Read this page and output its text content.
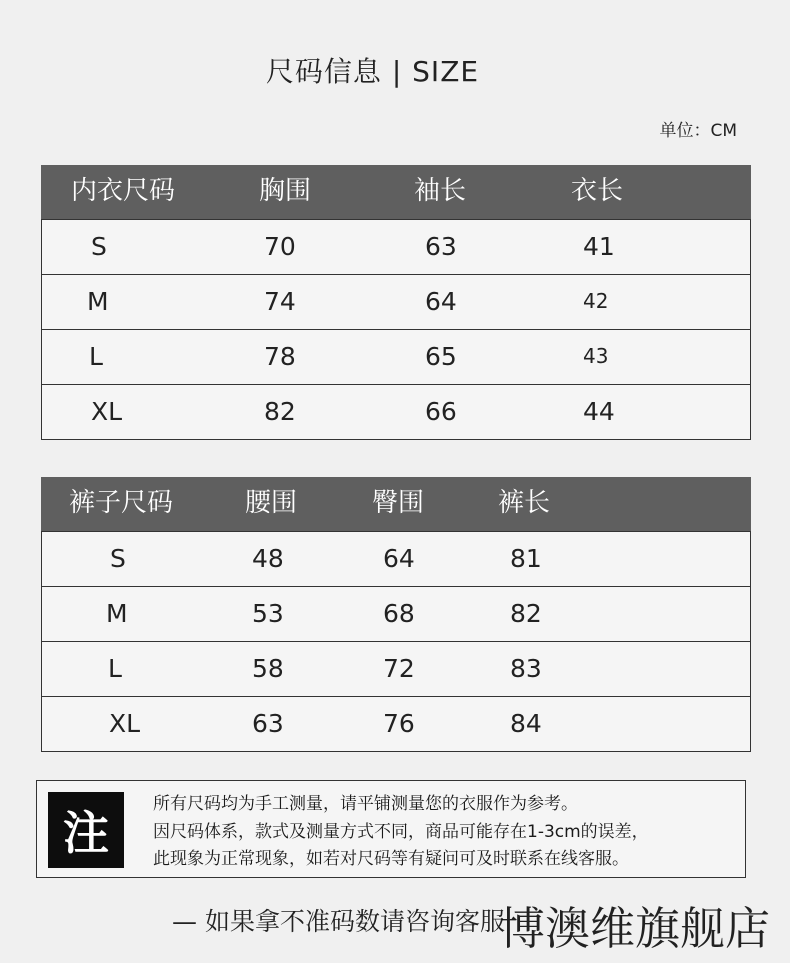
尺码信息 | SIZE
单位：CM
内衣尺码	胸围	袖长	衣长
S	70	63	41
M	74	64	42
L	78	65	43
XL	82	66	44
裤子尺码	腰围	臀围	裤长
S	48	64	81
M	53	68	82
L	58	72	83
XL	63	76	84
注
所有尺码均为手工测量，请平铺测量您的衣服作为参考。
因尺码体系，款式及测量方式不同，商品可能存在1-3cm的误差，
此现象为正常现象，如若对尺码等有疑问可及时联系在线客服。
— 如果拿不准码数请咨询客服
博澳维旗舰店
